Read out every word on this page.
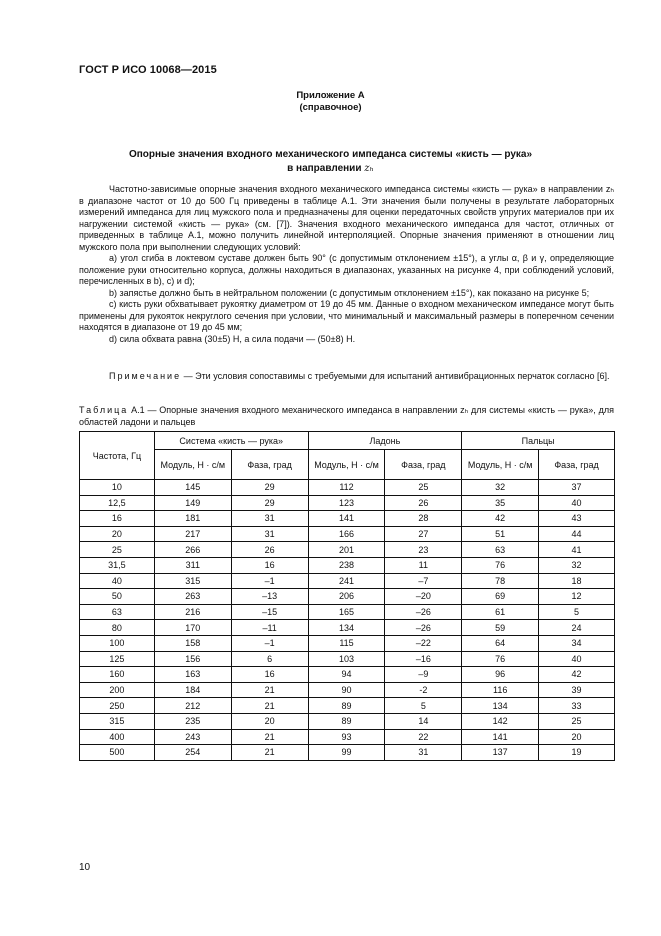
ГОСТ Р ИСО 10068—2015
Приложение А
(справочное)
Опорные значения входного механического импеданса системы «кисть — рука»
в направлении zₕ

Частотно-зависимые опорные значения входного механического импеданса системы «кисть — рука» в направлении zₕ в диапазоне частот от 10 до 500 Гц приведены в таблице А.1. Эти значения были получены в результате лабораторных измерений импеданса для лиц мужского пола и предназначены для оценки передаточных свойств упругих материалов при их нагружении системой «кисть — рука» (см. [7]). Значения входного механического импеданса для частот, отличных от приведенных в таблице А.1, можно получить линейной интерполяцией. Опорные значения применяют в отношении лиц мужского пола при выполнении следующих условий:

а) угол сгиба в локтевом суставе должен быть 90° (с допустимым отклонением ±15°), а углы α, β и γ, определяющие положение руки относительно корпуса, должны находиться в диапазонах, указанных на рисунке 4, при соблюдений условий, перечисленных в b), c) и d);

b) запястье должно быть в нейтральном положении (с допустимым отклонением ±15°), как показано на рисунке 5;

c) кисть руки обхватывает рукоятку диаметром от 19 до 45 мм. Данные о входном механическом импедансе могут быть применены для рукояток некруглого сечения при условии, что минимальный и максимальный размеры в поперечном сечении находятся в диапазоне от 19 до 45 мм;

d) сила обхвата равна (30±5) Н, а сила подачи — (50±8) Н.

Примечание — Эти условия сопоставимы с требуемыми для испытаний антивибрационных перчаток согласно [6].

Таблица А.1 — Опорные значения входного механического импеданса в направлении zₕ для системы «кисть — рука», для областей ладони и пальцев
Частота, Гц	Система «кисть — рука»		Ладонь		Пальцы	
	Модуль, Н · с/м	Фаза, град	Модуль, Н · с/м	Фаза, град	Модуль, Н · с/м	Фаза, град
10	145	29	112	25	32	37
12,5	149	29	123	26	35	40
16	181	31	141	28	42	43
20	217	31	166	27	51	44
25	266	26	201	23	63	41
31,5	311	16	238	11	76	32
40	315	–1	241	–7	78	18
50	263	–13	206	–20	69	12
63	216	–15	165	–26	61	5
80	170	–11	134	–26	59	24
100	158	–1	115	–22	64	34
125	156	6	103	–16	76	40
160	163	16	94	–9	96	42
200	184	21	90	-2	116	39
250	212	21	89	5	134	33
315	235	20	89	14	142	25
400	243	21	93	22	141	20
500	254	21	99	31	137	19
10
